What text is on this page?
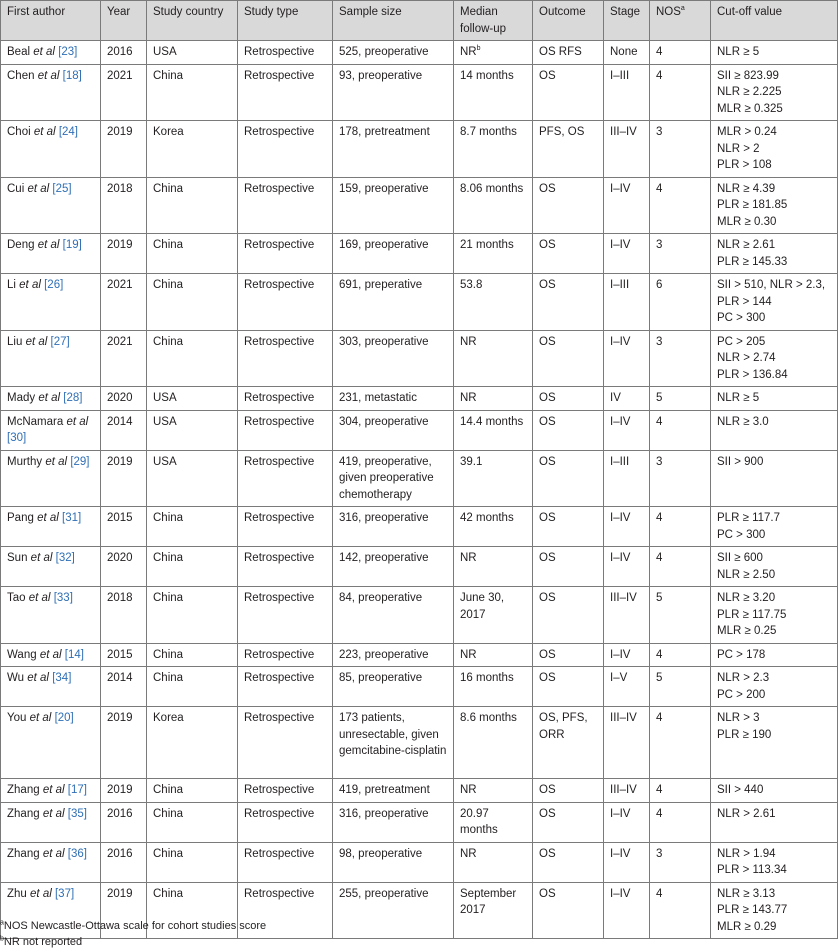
First author	Year	Study country	Study type	Sample size	Median follow-up	Outcome	Stage	NOS$^a$	Cut-off value
Beal et al [23]	2016	USA	Retrospective	525, preoperative	$NR^b$	OS RFS	None	4	NLR ≥ 5

Chen et al [18]	2021	China	Retrospective	93, preoperative	14 months	OS	I–III	4	SII ≥ 823.99
NLR ≥ 2.225
MLR ≥ 0.325

Choi et al [24]	2019	Korea	Retrospective	178, pretreatment	8.7 months	PFS, OS	III–IV	3	MLR > 0.24
NLR > 2
PLR > 108

Cui et al [25]	2018	China	Retrospective	159, preoperative	8.06 months	OS	I–IV	4	NLR ≥ 4.39
PLR ≥ 181.85
MLR ≥ 0.30

Deng et al [19]	2019	China	Retrospective	169, preoperative	21 months	OS	I–IV	3	NLR ≥ 2.61
PLR ≥ 145.33

Li et al [26]	2021	China	Retrospective	691, preperative	53.8	OS	I–III	6	SII > 510, NLR > 2.3, PLR > 144
PC > 300

Liu et al [27]	2021	China	Retrospective	303, preoperative	NR	OS	I–IV	3	PC > 205
NLR > 2.74
PLR > 136.84

Mady et al [28]	2020	USA	Retrospective	231, metastatic	NR	OS	IV	5	NLR ≥ 5

McNamara et al [30]	2014	USA	Retrospective	304, preoperative	14.4 months	OS	I–IV	4	NLR ≥ 3.0

Murthy et al [29]	2019	USA	Retrospective	419, preoperative, given preoperative chemotherapy	39.1	OS	I–III	3	SII > 900

Pang et al [31]	2015	China	Retrospective	316, preoperative	42 months	OS	I–IV	4	PLR ≥ 117.7
PC > 300

Sun et al [32]	2020	China	Retrospective	142, preoperative	NR	OS	I–IV	4	SII ≥ 600
NLR ≥ 2.50

Tao et al [33]	2018	China	Retrospective	84, preoperative	June 30, 2017	OS	III–IV	5	NLR ≥ 3.20
PLR ≥ 117.75
MLR ≥ 0.25

Wang et al [14]	2015	China	Retrospective	223, preoperative	NR	OS	I–IV	4	PC > 178

Wu et al [34]	2014	China	Retrospective	85, preoperative	16 months	OS	I–V	5	NLR > 2.3
PC > 200

You et al [20]	2019	Korea	Retrospective	173 patients, unresectable, given gemcitabine-cisplatin	8.6 months	OS, PFS, ORR	III–IV	4	NLR > 3
PLR ≥ 190

Zhang et al [17]	2019	China	Retrospective	419, pretreatment	NR	OS	III–IV	4	SII > 440

Zhang et al [35]	2016	China	Retrospective	316, preoperative	20.97 months	OS	I–IV	4	NLR > 2.61

Zhang et al [36]	2016	China	Retrospective	98, preoperative	NR	OS	I–IV	3	NLR > 1.94
PLR > 113.34

Zhu et al [37]	2019	China	Retrospective	255, preoperative	September 2017	OS	I–IV	4	NLR ≥ 3.13
PLR ≥ 143.77
MLR ≥ 0.29
$^a$NOS Newcastle-Ottawa scale for cohort studies score
$^b$NR not reported
